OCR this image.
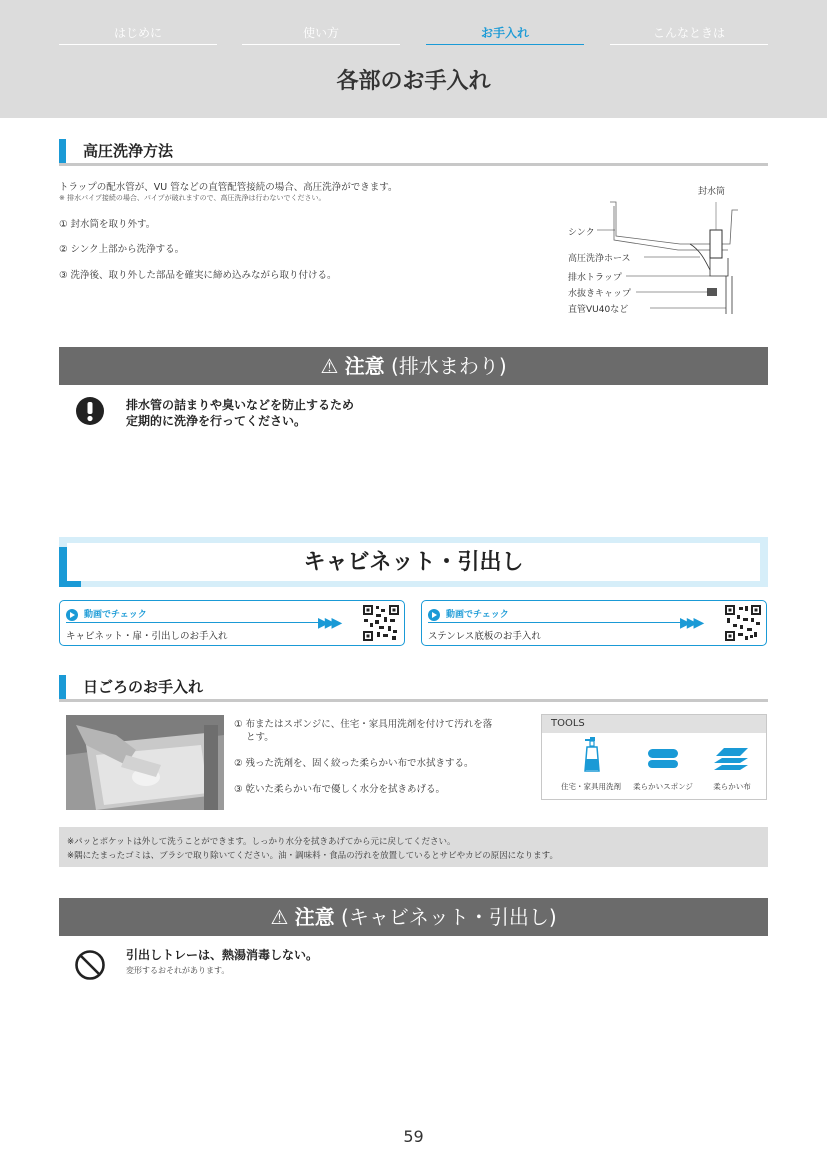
はじめに	使い方	お手入れ	こんなときは
各部のお手入れ
高圧洗浄方法
トラップの配水管が、VU 管などの直管配管接続の場合、高圧洗浄ができます。
※ 排水パイプ接続の場合、パイプが破れますので、高圧洗浄は行わないでください。
① 封水筒を取り外す。
② シンク上部から洗浄する。
③ 洗浄後、取り外した部品を確実に締め込みながら取り付ける。
封水筒
シンク
高圧洗浄ホース
排水トラップ
水抜きキャップ
直管VU40など
⚠ 注意 (排水まわり)
排水管の詰まりや臭いなどを防止するため
定期的に洗浄を行ってください。
キャビネット・引出し
動画でチェック
キャビネット・扉・引出しのお手入れ
▶▶▶	動画でチェック
ステンレス底板のお手入れ
▶▶▶
日ごろのお手入れ
① 布またはスポンジに、住宅・家具用洗剤を付けて汚れを落
とす。
② 残った洗剤を、固く絞った柔らかい布で水拭きする。
③ 乾いた柔らかい布で優しく水分を拭きあげる。
TOOLS
住宅・家具用洗剤	柔らかいスポンジ	柔らかい布
※パッとポケットは外して洗うことができます。しっかり水分を拭きあげてから元に戻してください。
※隅にたまったゴミは、ブラシで取り除いてください。油・調味料・食品の汚れを放置しているとサビやカビの原因になります。
⚠ 注意 (キャビネット・引出し)
引出しトレーは、熱湯消毒しない。
変形するおそれがあります。
59
